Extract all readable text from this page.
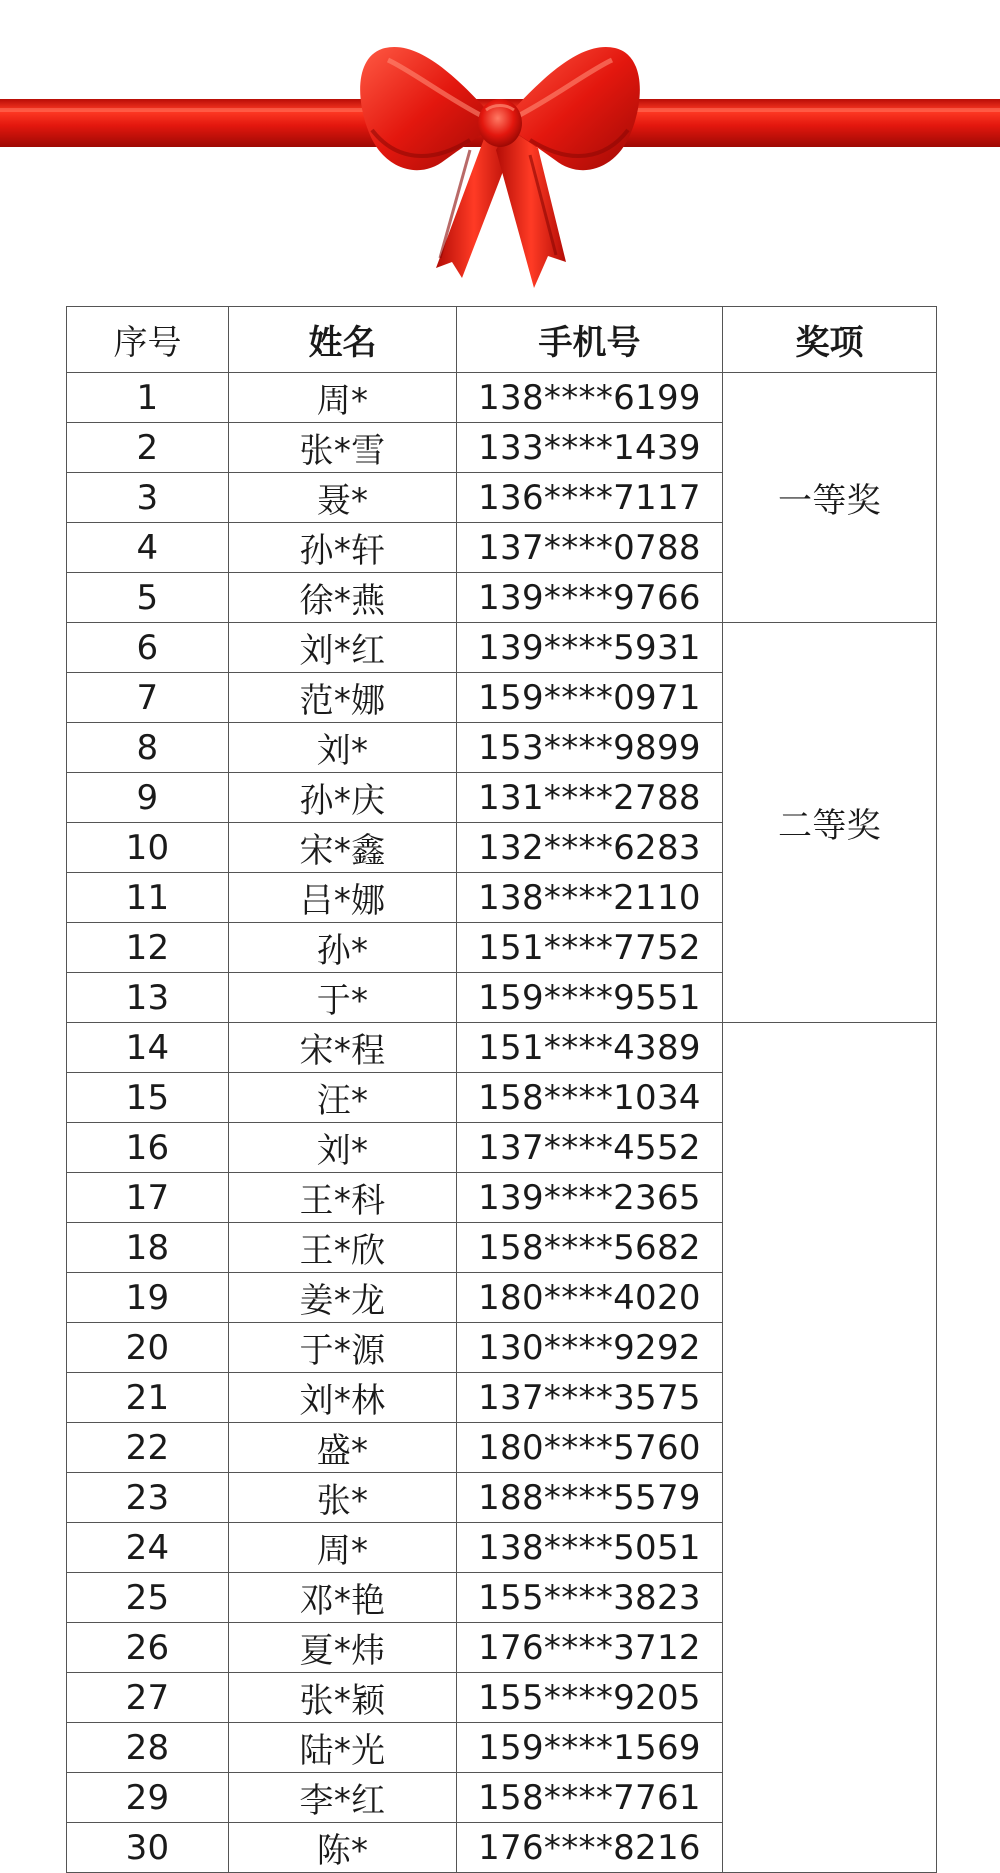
序号	姓名	手机号	奖项
1	周*	138****6199	一等奖
2	张*雪	133****1439	
3	聂*	136****7117	
4	孙*轩	137****0788	
5	徐*燕	139****9766	
6	刘*红	139****5931	二等奖
7	范*娜	159****0971	
8	刘*	153****9899	
9	孙*庆	131****2788	
10	宋*鑫	132****6283	
11	吕*娜	138****2110	
12	孙*	151****7752	
13	于*	159****9551	
14	宋*程	151****4389	
15	汪*	158****1034	
16	刘*	137****4552	
17	王*科	139****2365	
18	王*欣	158****5682	
19	姜*龙	180****4020	
20	于*源	130****9292	
21	刘*林	137****3575	
22	盛*	180****5760	
23	张*	188****5579	
24	周*	138****5051	
25	邓*艳	155****3823	
26	夏*炜	176****3712	
27	张*颖	155****9205	
28	陆*光	159****1569	
29	李*红	158****7761	
30	陈*	176****8216	
